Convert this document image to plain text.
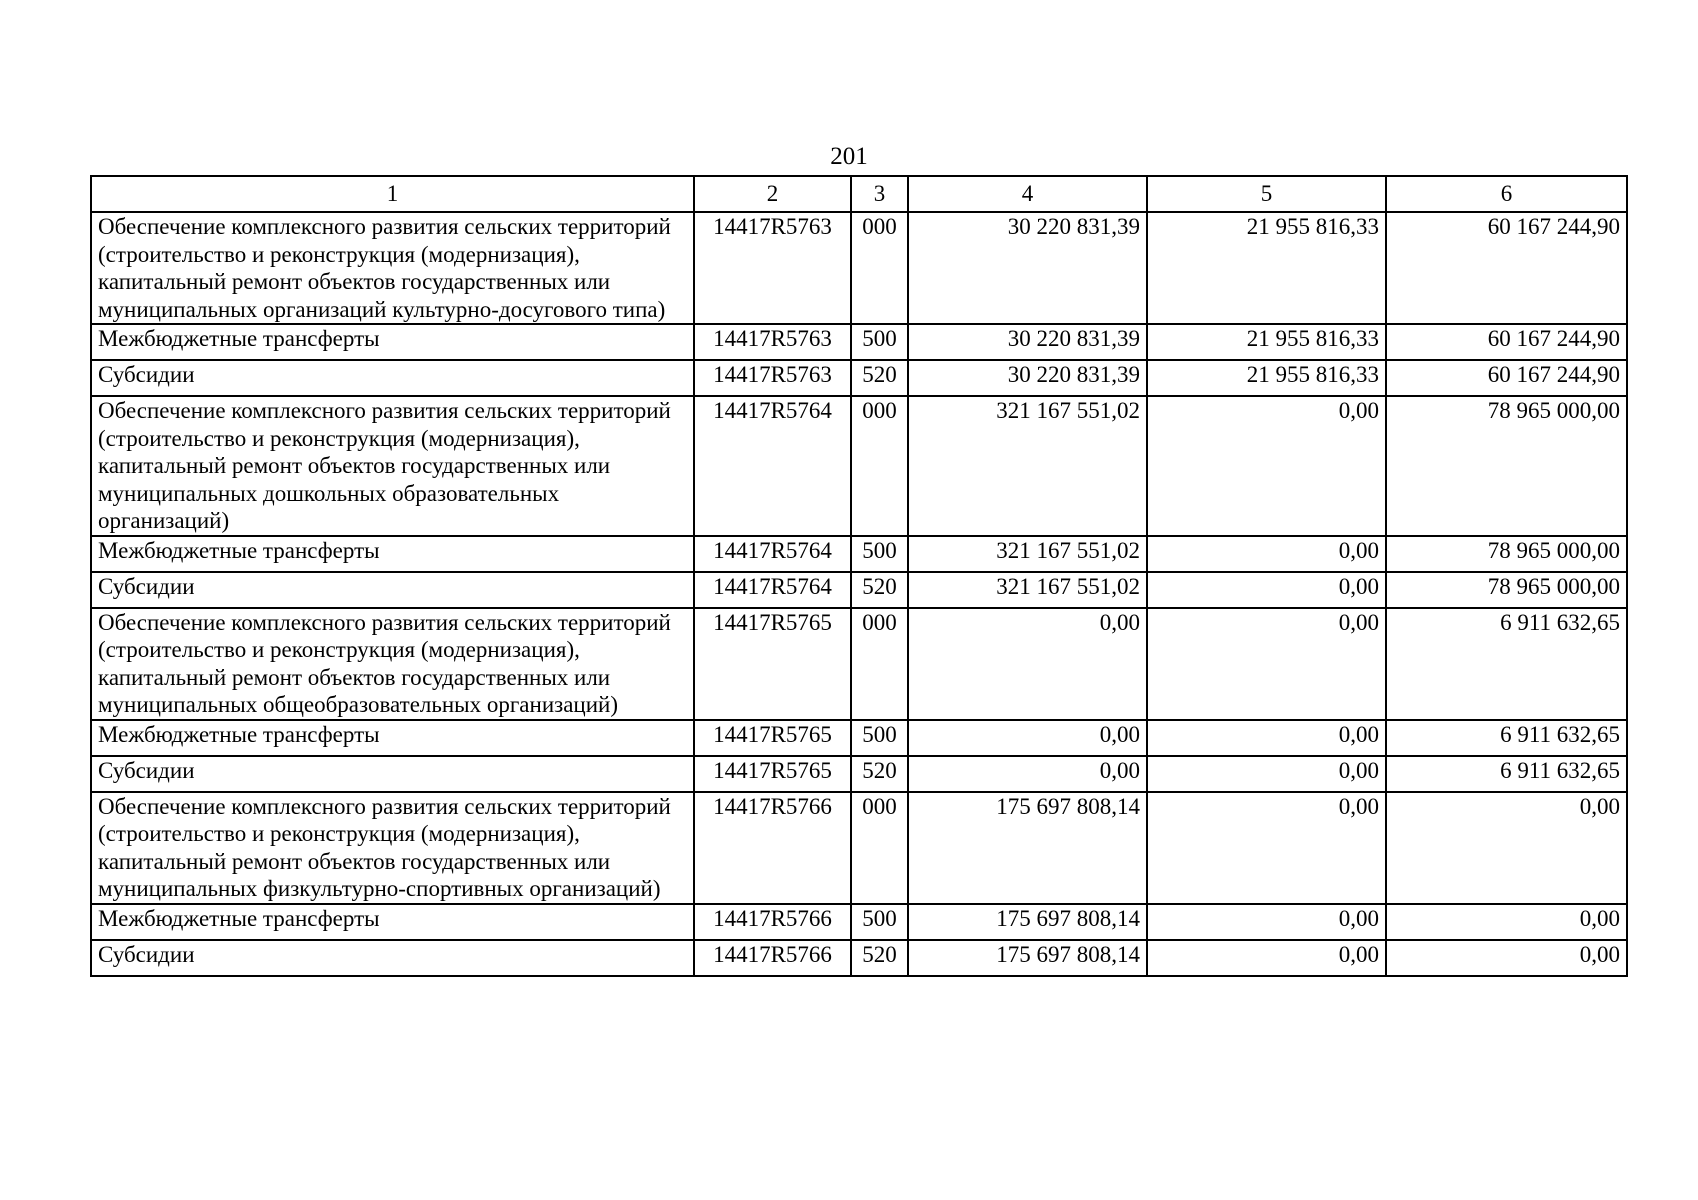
201
1	2	3	4	5	6
Обеспечение комплексного развития сельских территорий (строительство и реконструкция (модернизация), капитальный ремонт объектов государственных или муниципальных организаций культурно-досугового типа)	14417R5763	000	30 220 831,39	21 955 816,33	60 167 244,90
Межбюджетные трансферты	14417R5763	500	30 220 831,39	21 955 816,33	60 167 244,90
Субсидии	14417R5763	520	30 220 831,39	21 955 816,33	60 167 244,90
Обеспечение комплексного развития сельских территорий (строительство и реконструкция (модернизация), капитальный ремонт объектов государственных или муниципальных дошкольных образовательных организаций)	14417R5764	000	321 167 551,02	0,00	78 965 000,00
Межбюджетные трансферты	14417R5764	500	321 167 551,02	0,00	78 965 000,00
Субсидии	14417R5764	520	321 167 551,02	0,00	78 965 000,00
Обеспечение комплексного развития сельских территорий (строительство и реконструкция (модернизация), капитальный ремонт объектов государственных или муниципальных общеобразовательных организаций)	14417R5765	000	0,00	0,00	6 911 632,65
Межбюджетные трансферты	14417R5765	500	0,00	0,00	6 911 632,65
Субсидии	14417R5765	520	0,00	0,00	6 911 632,65
Обеспечение комплексного развития сельских территорий (строительство и реконструкция (модернизация), капитальный ремонт объектов государственных или муниципальных физкультурно-спортивных организаций)	14417R5766	000	175 697 808,14	0,00	0,00
Межбюджетные трансферты	14417R5766	500	175 697 808,14	0,00	0,00
Субсидии	14417R5766	520	175 697 808,14	0,00	0,00
